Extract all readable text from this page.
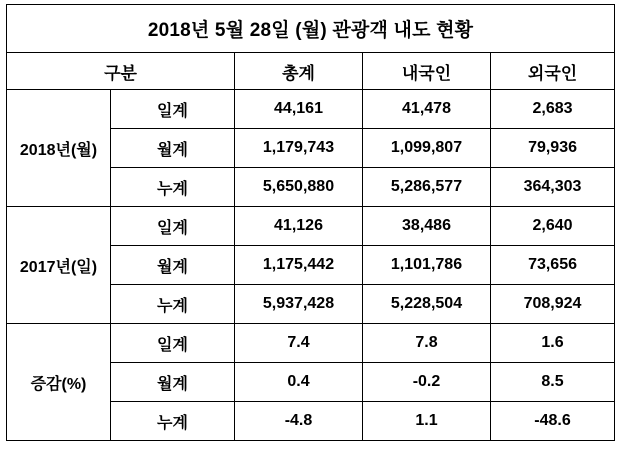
2018년 5월 28일 (월) 관광객 내도 현황				
구분		총계	내국인	외국인
2018년(월)	일계	44,161	41,478	2,683
	월계	1,179,743	1,099,807	79,936
	누계	5,650,880	5,286,577	364,303
2017년(일)	일계	41,126	38,486	2,640
	월계	1,175,442	1,101,786	73,656
	누계	5,937,428	5,228,504	708,924
증감(%)	일계	7.4	7.8	1.6
	월계	0.4	-0.2	8.5
	누계	-4.8	1.1	-48.6
